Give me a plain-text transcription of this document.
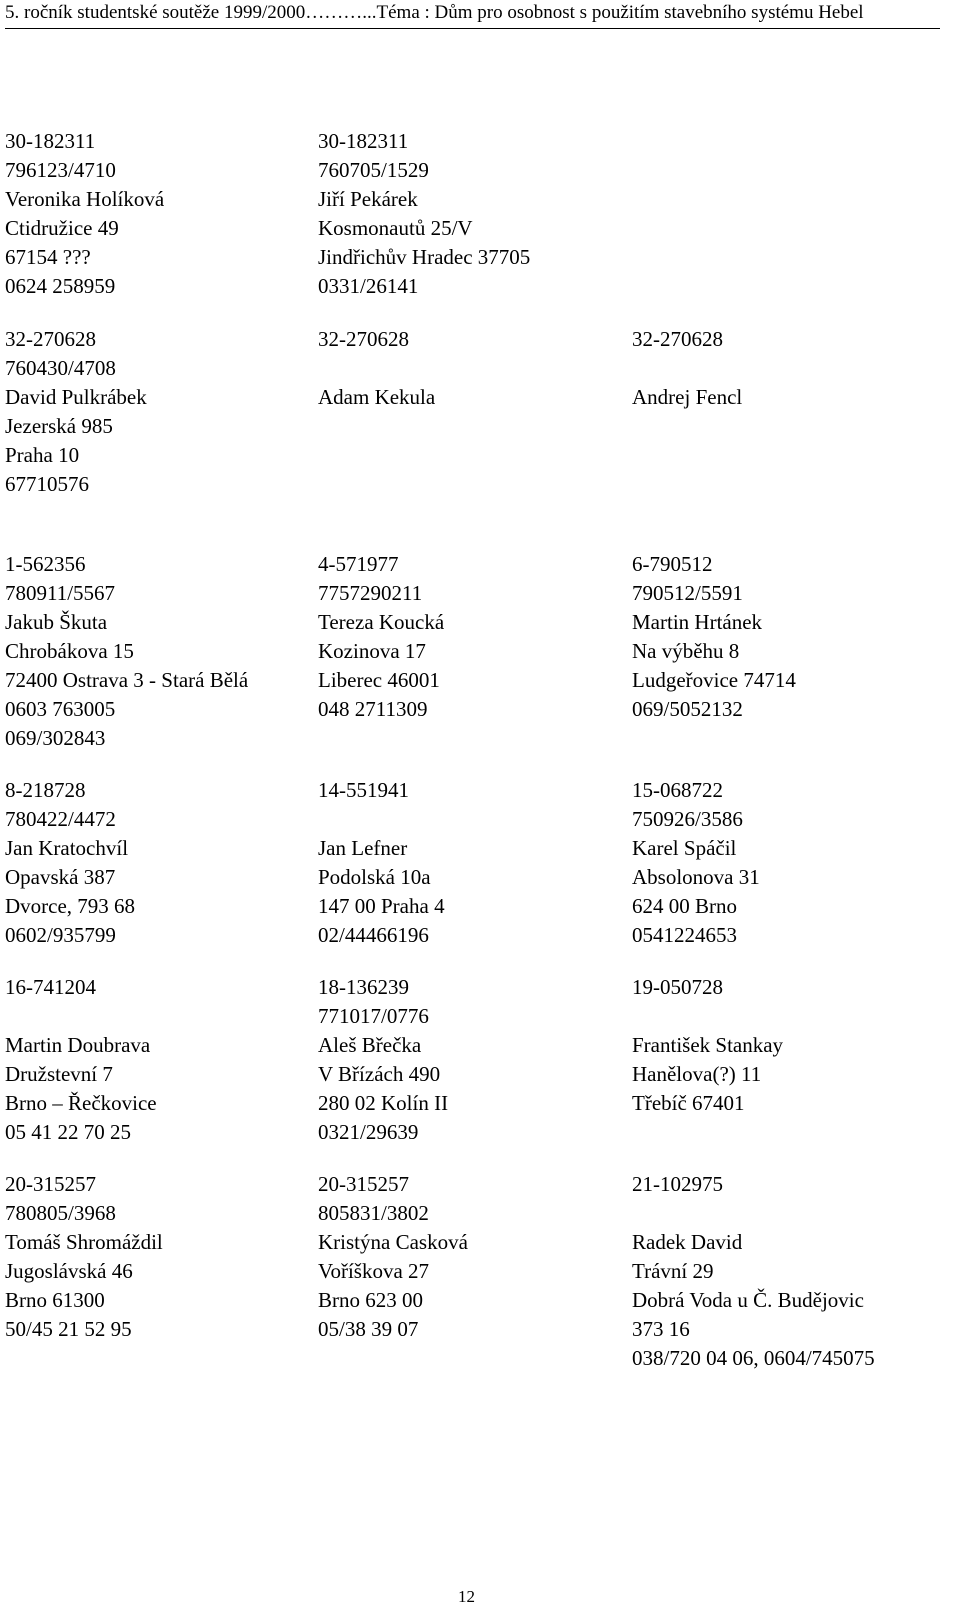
5. ročník studentské soutěže 1999/2000………...Téma : Dům pro osobnost s použitím stavebního systému Hebel
30-182311
796123/4710
Veronika Holíková
Ctidružice 49
67154 ???
0624 258959
30-182311
760705/1529
Jiří Pekárek
Kosmonautů 25/V
Jindřichův Hradec 37705
0331/26141
32-270628
760430/4708
David Pulkrábek
Jezerská 985
Praha 10
67710576
32-270628
Adam Kekula
32-270628
Andrej Fencl
1-562356
780911/5567
Jakub Škuta
Chrobákova 15
72400 Ostrava 3 - Stará Bělá
0603 763005
069/302843
4-571977
7757290211
Tereza Koucká
Kozinova 17
Liberec 46001
048 2711309
6-790512
790512/5591
Martin Hrtánek
Na výběhu 8
Ludgeřovice 74714
069/5052132
8-218728
780422/4472
Jan Kratochvíl
Opavská 387
Dvorce, 793 68
0602/935799
14-551941
Jan Lefner
Podolská 10a
147 00 Praha 4
02/44466196
15-068722
750926/3586
Karel Spáčil
Absolonova 31
624 00 Brno
0541224653
16-741204
Martin Doubrava
Družstevní 7
Brno – Řečkovice
05 41 22 70 25
18-136239
771017/0776
Aleš Břečka
V Břízách 490
280 02 Kolín II
0321/29639
19-050728
František Stankay
Hanělova(?) 11
Třebíč 67401
20-315257
780805/3968
Tomáš Shromáždil
Jugoslávská 46
Brno 61300
50/45 21 52 95
20-315257
805831/3802
Kristýna Casková
Voříškova 27
Brno 623 00
05/38 39 07
21-102975
Radek David
Trávní 29
Dobrá Voda u Č. Budějovic
373 16
038/720 04 06, 0604/745075
12
